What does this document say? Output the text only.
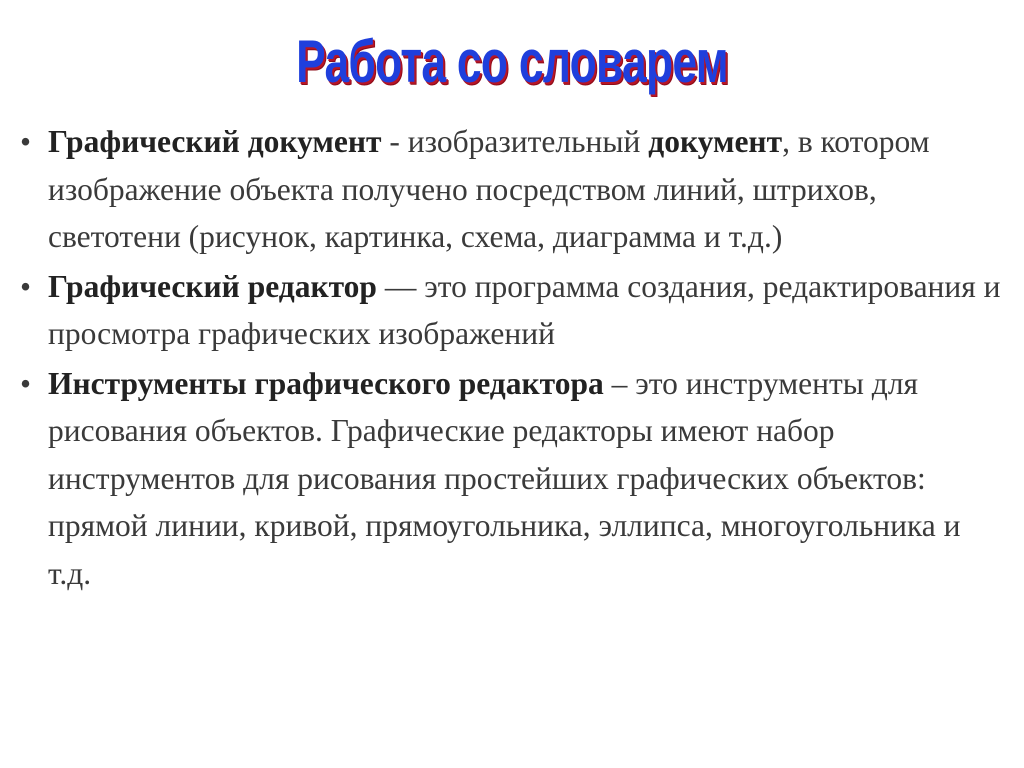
Работа со словарем
• Графический документ - изобразительный документ, в котором изображение объекта получено посредством линий, штрихов, светотени (рисунок, картинка, схема, диаграмма и т.д.)
• Графический редактор — это программа создания, редактирования и просмотра графических изображений
• Инструменты графического редактора – это инструменты для рисования объектов. Графические редакторы имеют набор инструментов для рисования простейших графических объектов: прямой линии, кривой, прямоугольника, эллипса, многоугольника и т.д.
